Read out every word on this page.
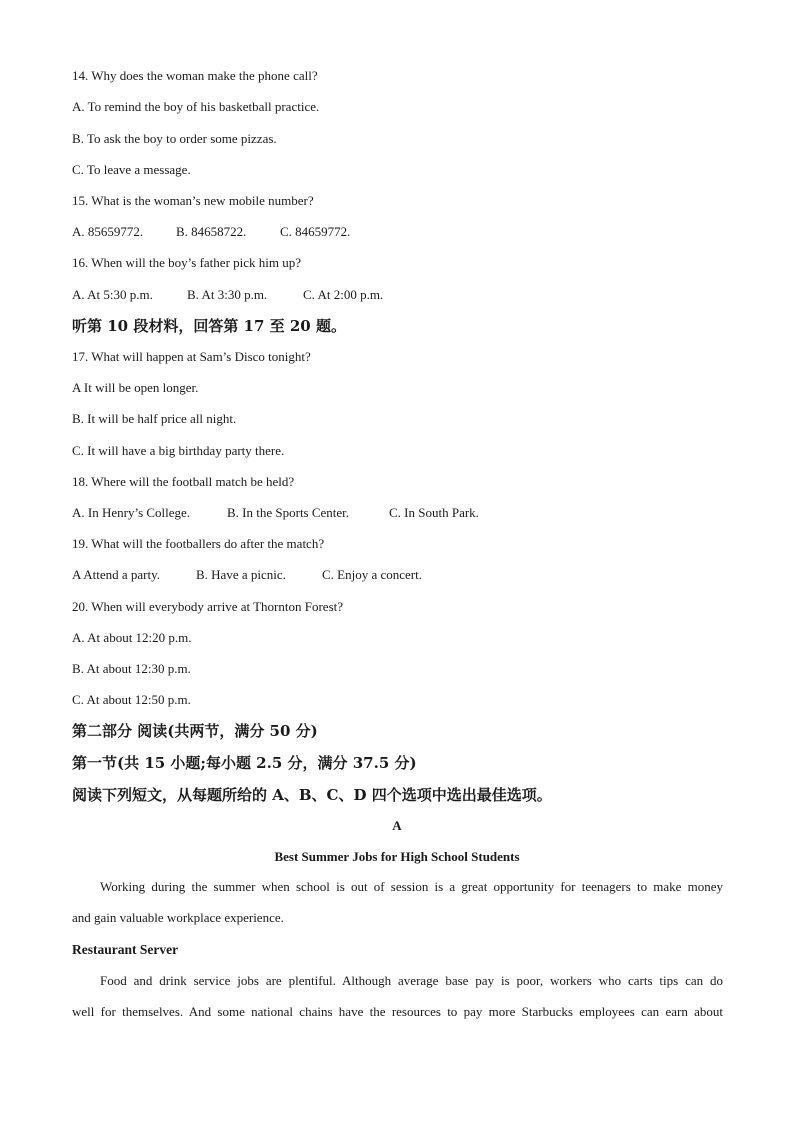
14. Why does the woman make the phone call?
A. To remind the boy of his basketball practice.
B. To ask the boy to order some pizzas.
C. To leave a message.
15. What is the woman’s new mobile number?
A. 85659772.	B. 84658722.	C. 84659772.
16. When will the boy’s father pick him up?
A. At 5:30 p.m.	B. At 3:30 p.m.	C. At 2:00 p.m.
听第 10 段材料，回答第 17 至 20 题。
17. What will happen at Sam’s Disco tonight?
A It will be open longer.
B. It will be half price all night.
C. It will have a big birthday party there.
18. Where will the football match be held?
A. In Henry’s College.	B. In the Sports Center.	C. In South Park.
19. What will the footballers do after the match?
A Attend a party.	B. Have a picnic.	C. Enjoy a concert.
20. When will everybody arrive at Thornton Forest?
A. At about 12:20 p.m.
B. At about 12:30 p.m.
C. At about 12:50 p.m.
第二部分 阅读(共两节，满分 50 分)
第一节(共 15 小题;每小题 2.5 分，满分 37.5 分)
阅读下列短文，从每题所给的 A、B、C、D 四个选项中选出最佳选项。
A
Best Summer Jobs for High School Students
Working during the summer when school is out of session is a great opportunity for teenagers to make money
and gain valuable workplace experience.
Restaurant Server
Food and drink service jobs are plentiful. Although average base pay is poor, workers who carts tips can do
well for themselves. And some national chains have the resources to pay more Starbucks employees can earn about
